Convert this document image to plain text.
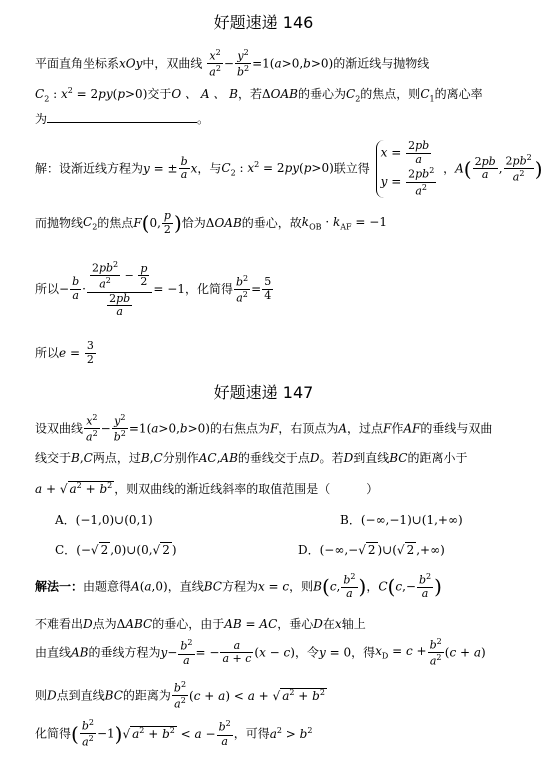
好题速递 146
平面直角坐标系xOy中，双曲线 $\frac{x^2}{a^2} - \frac{y^2}{b^2} =1(a>0,b>0)$的渐近线与抛物线
$C_2$ : $x^2 = 2py(p>0)$交于O 、 A 、 B，若ΔOAB的垂心为$C_2$的焦点，则$C_1$的离心率
为	。
解：设渐近线方程为y = ± $\frac{b}{a}$ x，与$C_2$ : $x^2 = 2py(p>0)$联立得
$x = \frac{2pb}{a}$
$y = \frac{2pb^2}{a^2}$ ，$A( \frac{2pb}{a}$ , $\frac{2pb^2}{a^2}$ )
而抛物线$C_2$的焦点F(0, $\frac{p}{2}$ )恰为ΔOAB的垂心，故$k_{OB} \cdot k_{AF} = -1$
所以− $\frac{b}{a} \cdot \frac{\frac{2pb^2}{a^2} - \frac{p}{2}}{\frac{2pb}{a}} = -1$，化简得 $\frac{b^2}{a^2} = \frac{5}{4}$
所以$e = \frac{3}{2}$
好题速递 147
设双曲线 $\frac{x^2}{a^2} - \frac{y^2}{b^2} =1(a>0,b>0)$的右焦点为F，右顶点为A，过点F作AF的垂线与双曲
线交于B,C两点，过B,C分别作AC,AB的垂线交于点D。若D到直线BC的距离小于
a + √ $a^2 + b^2$ ，则双曲线的渐近线斜率的取值范围是（　　　）
A．(−1,0)∪(0,1)	B．(−∞,−1)∪(1,+∞)
C．(−√ 2 ,0)∪(0,√ 2 )	D．(−∞,−√ 2 )∪(√ 2 ,+∞)
解法一：由题意得A(a,0)，直线BC方程为x = c，则B(c, $\frac{b^2}{a}$ )，$C(c,- \frac{b^2}{a}$ )
不难看出D点为ΔABC的垂心，由于AB = AC，垂心D在x轴上
由直线AB的垂线方程为$y- \frac{b^2}{a}$ = − $\frac{a}{a + c} (x - c)$，令y = 0，得$x_D = c + \frac{b^2}{a^2} (c + a)$
则D点到直线BC的距离为 $\frac{b^2}{a^2} (c + a) < a$ + √ $a^2 + b^2$
化简得( $\frac{b^2}{a^2} -1)√$ $a^2 + b^2 < a - \frac{b^2}{a}$ ，可得$a^2 > b^2$
